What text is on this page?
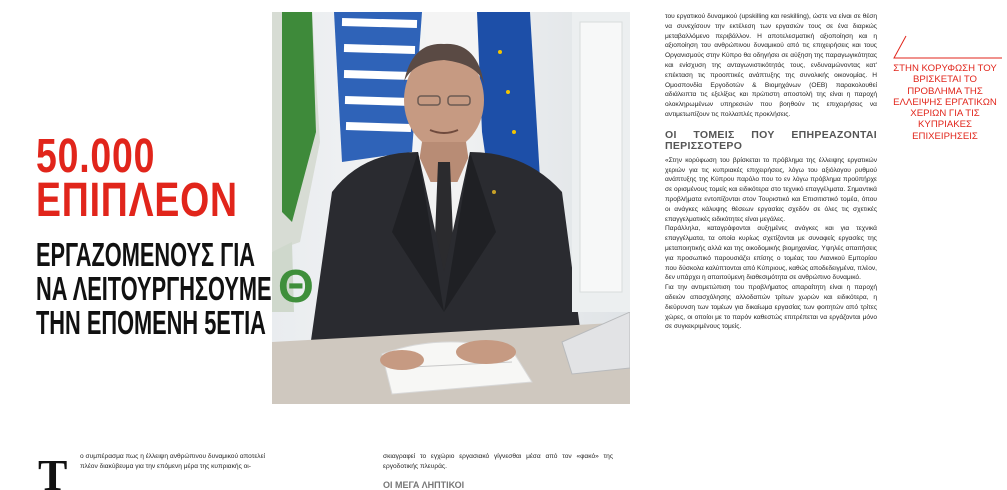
50.000
ΕΠΙΠΛΕΟΝ
ΕΡΓΑΖΟΜΕΝΟΥΣ ΓΙΑ
ΝΑ ΛΕΙΤΟΥΡΓΗΣΟΥΜΕ
ΤΗΝ ΕΠΟΜΕΝΗ 5ΕΤΙΑ
Θ
ΣΤΗΝ ΚΟΡΥΦΩΣΗ ΤΟΥ ΒΡΙΣΚΕΤΑΙ ΤΟ ΠΡΟΒΛΗΜΑ ΤΗΣ ΕΛΛΕΙΨΗΣ ΕΡΓΑΤΙΚΩΝ ΧΕΡΙΩΝ ΓΙΑ ΤΙΣ ΚΥΠΡΙΑΚΕΣ ΕΠΙΧΕΙΡΗΣΕΙΣ

του εργατικού δυναμικού (upskilling και reskilling), ώστε να είναι σε θέση να συνεχίσουν την εκτέλεση των εργασιών τους σε ένα διαρκώς μεταβαλλόμενο περιβάλλον. Η αποτελεσματική αξιοποίηση και η αξιοποίηση του ανθρώπινου δυναμικού από τις επιχειρήσεις και τους Οργανισμούς στην Κύπρο θα οδηγήσει σε αύξηση της παραγωγικότητας και ενίσχυση της ανταγωνιστικότητάς τους, ενδυναμώνοντας κατ' επέκταση τις προοπτικές ανάπτυξης της συνολικής οικονομίας. Η Ομοσπονδία Εργοδοτών & Βιομηχάνων (ΟΕΒ) παρακολουθεί αδιάλειπτα τις εξελίξεις και πρώτιστη αποστολή της είναι η παροχή ολοκληρωμένων υπηρεσιών που βοηθούν τις επιχειρήσεις να αντιμετωπίζουν τις πολλαπλές προκλήσεις.

ΟΙ ΤΟΜΕΙΣ ΠΟΥ ΕΠΗΡΕΑΖΟΝΤΑΙ ΠΕΡΙΣΣΟΤΕΡΟ

«Στην κορύφωση του βρίσκεται το πρόβλημα της έλλειψης εργατικών χεριών για τις κυπριακές επιχειρήσεις, λόγω του αξιόλογου ρυθμού ανάπτυξης της Κύπρου παρόλο που το εν λόγω πρόβλημα προϋπήρχε σε ορισμένους τομείς και ειδικότερα στο τεχνικό επαγγέλματα. Σημαντικά προβλήματα εντοπίζονται στον Τουριστικό και Επισιτιστικό τομέα, όπου οι ανάγκες κάλυψης θέσεων εργασίας σχεδόν σε όλες τις σχετικές επαγγελματικές ειδικότητες είναι μεγάλες.

Παράλληλα, καταγράφονται αυξημένες ανάγκες και για τεχνικά επαγγέλματα, τα οποία κυρίως σχετίζονται με συναφείς εργασίες της μεταποιητικής αλλά και της οικοδομικής βιομηχανίας. Υψηλές απαιτήσεις για προσωπικό παρουσιάζει επίσης ο τομέας του Λιανικού Εμπορίου που δύσκολα καλύπτονται από Κύπριους, καθώς αποδεδειγμένα, πλέον, δεν υπάρχει η απαιτούμενη διαθεσιμότητα σε ανθρώπινο δυναμικό.

Για την αντιμετώπιση του προβλήματος απαραίτητη είναι η παροχή αδειών απασχόλησης αλλοδαπών τρίτων χωρών και ειδικότερα, η διεύρυνση των τομέων για δικαίωμα εργασίας των φοιτητών από τρίτες χώρες, οι οποίοι με το παρόν καθεστώς επιτρέπεται να εργάζονται μόνο σε συγκεκριμένους τομείς.

Τ ο συμπέρασμα πως η έλλειψη ανθρώπινου δυναμικού αποτελεί πλέον διακύβευμα για την επόμενη μέρα της κυπριακής οι-

σκιαγραφεί το εγχώριο εργασιακό γίγνεσθαι μέσα από τον «φακό» της εργοδοτικής πλευράς.

ΟΙ ΜΕΓΑ ΛΗΠΤΙΚΟΙ
